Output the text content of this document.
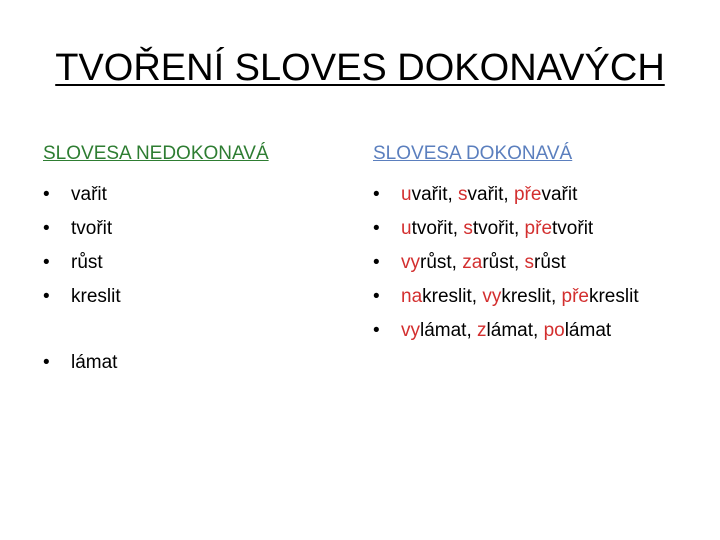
TVOŘENÍ SLOVES DOKONAVÝCH
SLOVESA NEDOKONAVÁ
•	vařit
•	tvořit
•	růst
•	kreslit
•	lámat
SLOVESA DOKONAVÁ
•	uvařit, svařit, převařit
•	utvořit, stvořit, přetvořit
•	vyrůst, zarůst, srůst
•	nakreslit, vykreslit, překreslit
•	vylámat, zlámat, polámat
